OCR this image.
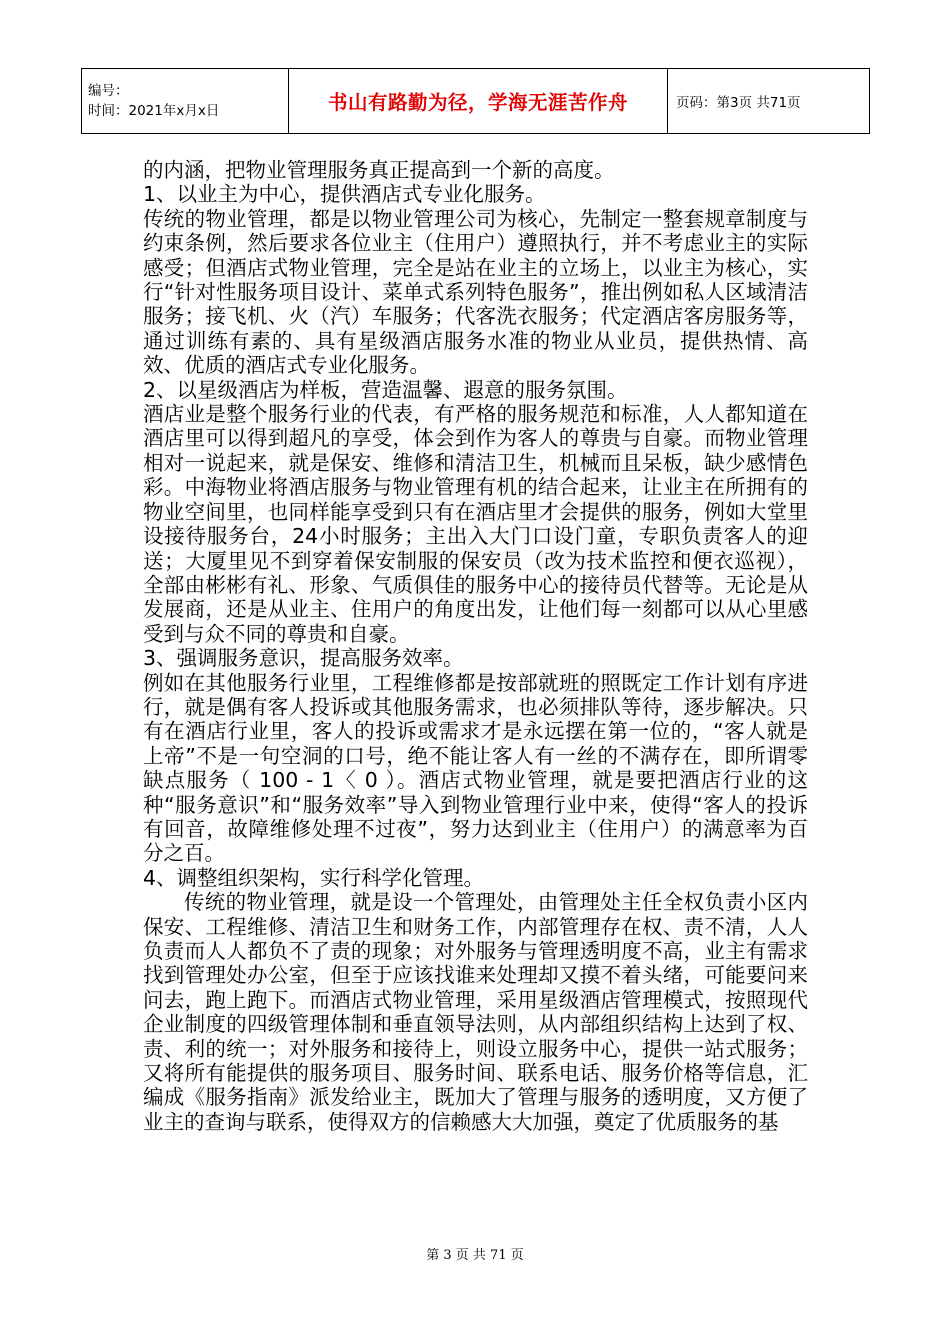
编号：
时间：2021年x月x日	书山有路勤为径，学海无涯苦作舟	页码：第3页 共71页

的内涵，把物业管理服务真正提高到一个新的高度。

1、以业主为中心，提供酒店式专业化服务。

传统的物业管理，都是以物业管理公司为核心，先制定一整套规章制度与约束条例，然后要求各位业主（住用户）遵照执行，并不考虑业主的实际感受；但酒店式物业管理，完全是站在业主的立场上，以业主为核心，实行“针对性服务项目设计、菜单式系列特色服务”，推出例如私人区域清洁服务；接飞机、火（汽）车服务；代客洗衣服务；代定酒店客房服务等，通过训练有素的、具有星级酒店服务水准的物业从业员，提供热情、高效、优质的酒店式专业化服务。

2、以星级酒店为样板，营造温馨、遐意的服务氛围。

酒店业是整个服务行业的代表，有严格的服务规范和标准，人人都知道在酒店里可以得到超凡的享受，体会到作为客人的尊贵与自豪。而物业管理相对一说起来，就是保安、维修和清洁卫生，机械而且呆板，缺少感情色彩。中海物业将酒店服务与物业管理有机的结合起来，让业主在所拥有的物业空间里，也同样能享受到只有在酒店里才会提供的服务，例如大堂里设接待服务台，24小时服务；主出入大门口设门童，专职负责客人的迎送；大厦里见不到穿着保安制服的保安员（改为技术监控和便衣巡视），全部由彬彬有礼、形象、气质俱佳的服务中心的接待员代替等。无论是从发展商，还是从业主、住用户的角度出发，让他们每一刻都可以从心里感受到与众不同的尊贵和自豪。

3、强调服务意识，提高服务效率。

例如在其他服务行业里，工程维修都是按部就班的照既定工作计划有序进行，就是偶有客人投诉或其他服务需求，也必须排队等待，逐步解决。只有在酒店行业里，客人的投诉或需求才是永远摆在第一位的，“客人就是上帝”不是一句空洞的口号，绝不能让客人有一丝的不满存在，即所谓零缺点服务（ 100 - 1〈 0 ）。酒店式物业管理，就是要把酒店行业的这种“服务意识”和“服务效率”导入到物业管理行业中来，使得“客人的投诉有回音，故障维修处理不过夜”，努力达到业主（住用户）的满意率为百分之百。

4、调整组织架构，实行科学化管理。

传统的物业管理，就是设一个管理处，由管理处主任全权负责小区内保安、工程维修、清洁卫生和财务工作，内部管理存在权、责不清，人人负责而人人都负不了责的现象；对外服务与管理透明度不高，业主有需求找到管理处办公室，但至于应该找谁来处理却又摸不着头绪，可能要问来问去，跑上跑下。而酒店式物业管理，采用星级酒店管理模式，按照现代企业制度的四级管理体制和垂直领导法则，从内部组织结构上达到了权、责、利的统一；对外服务和接待上，则设立服务中心，提供一站式服务；又将所有能提供的服务项目、服务时间、联系电话、服务价格等信息，汇编成《服务指南》派发给业主，既加大了管理与服务的透明度，又方便了业主的查询与联系，使得双方的信赖感大大加强，奠定了优质服务的基

第 3 页 共 71 页
